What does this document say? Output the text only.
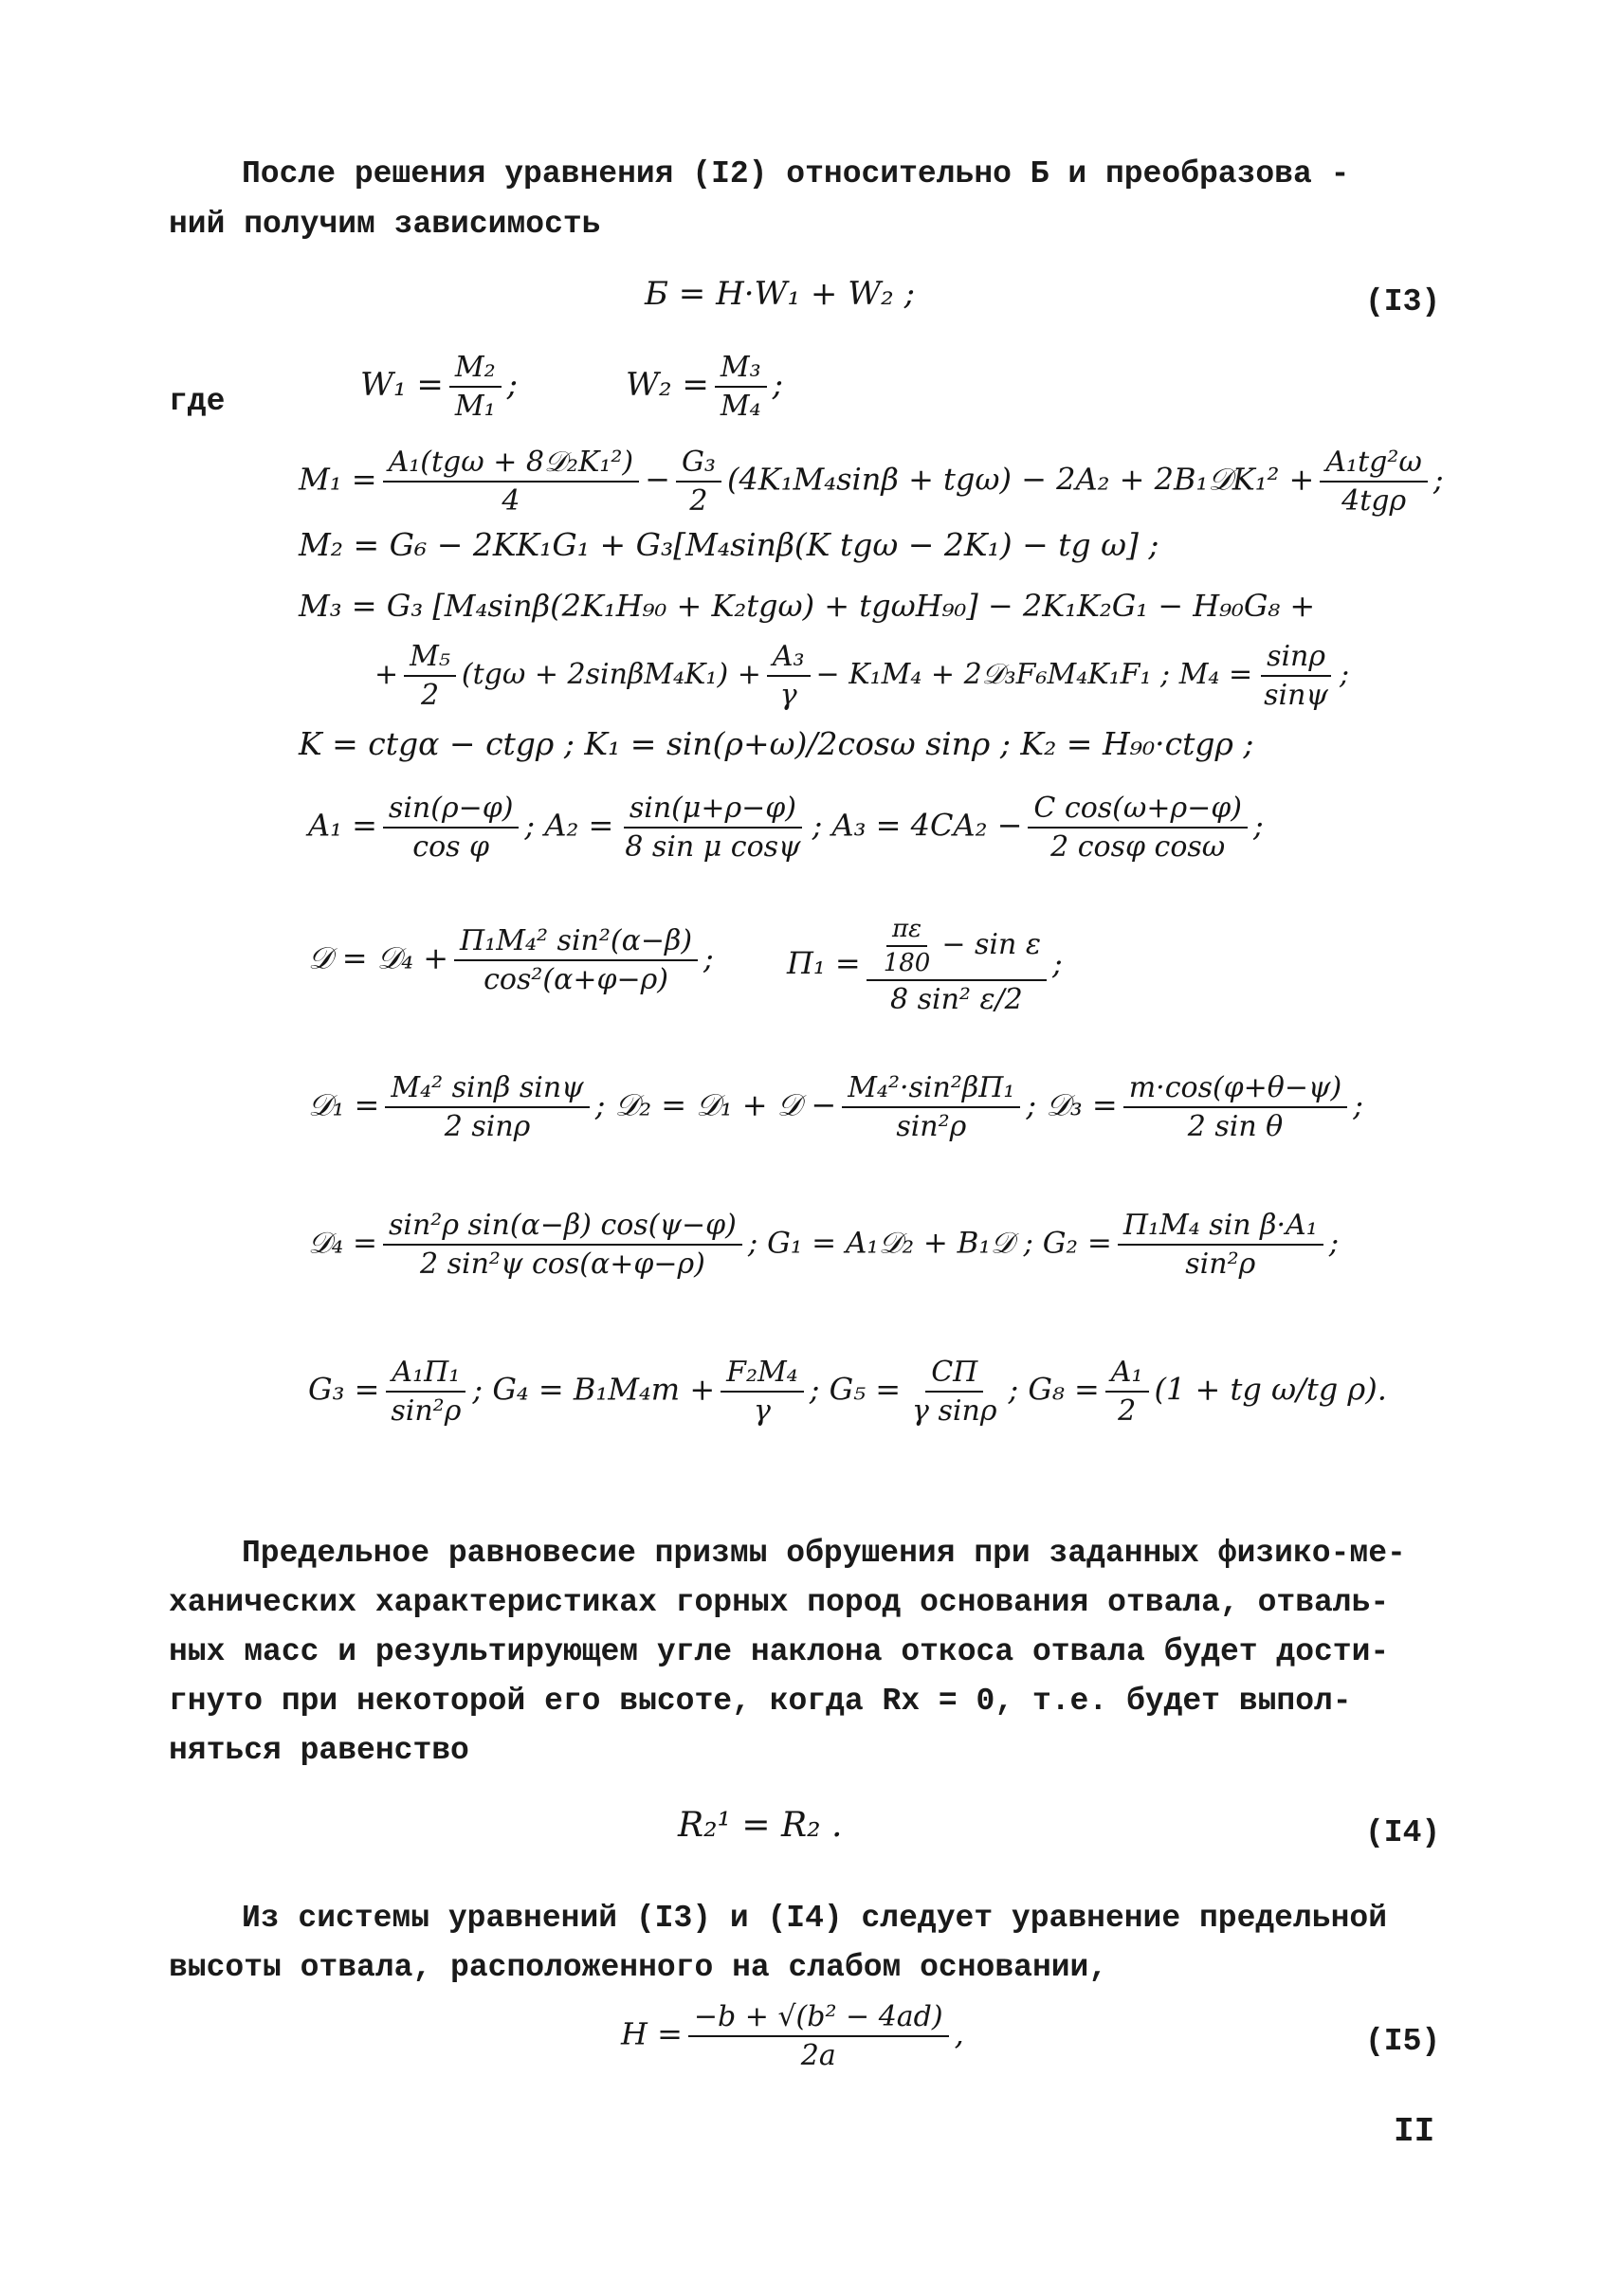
После решения уравнения (I2) относительно Б и преобразова -
ний получим зависимость
Б = H·W₁ + W₂ ;	(I3)
где	$W_1 = \frac{\text{M₂}}{\text{M₁}}$ ;	$W_2 = \frac{\text{M₃}}{\text{M₄}}$ ;
$M_1 = \frac{\text{A₁(tgω + 8𝒟₂K₁²)}}{4} - \frac{\text{G₃}}{2} (4K_1M_4\sin\beta + tg\omega) - 2A_2$ + 2B₁𝒟K₁² + $\frac{\text{A₁tg²ω}}{\text{4tgρ}}$ ;
M₂ = G₆ − 2KK₁G₁ + G₃[M₄sinβ(K tgω − 2K₁) − tg ω] ;
M₃ = G₃ [M₄sinβ(2K₁H₉₀ + K₂tgω) + tgωH₉₀] − 2K₁K₂G₁ − H₉₀G₈ +
+ $\frac{\text{M₅}}{2} (tg\omega + 2\sin\beta M_4K_1) + \frac{\text{A₃}}{\gamma} - K_1M_4$ + 2𝒟₃F₆M₄K₁F₁ ; $M_4 = \frac{\sin\rho}{\sin\psi}$ ;
K = ctgα − ctgρ ; K₁ = sin(ρ+ω)/2cosω sinρ ; K₂ = H₉₀·ctgρ ;
$A_1 = \frac{\sin(\rho-\varphi)}{\text{cos φ}}$ ; $A_2 = \frac{\sin(\mu+\rho-\varphi)}{\text{8 sin μ cosψ}}$ ; $A_3 = 4CA_2 - \frac{\text{C cos(ω+ρ−φ)}}{\text{2 cosφ cosω}}$ ;
𝒟 = 𝒟₄ + $\frac{\text{Π₁M₄² sin²(α−β)}}{\text{cos²(α+φ−ρ)}}$ ; $\Pi_1 = \frac{\frac{\pi\varepsilon}{180} - \sin \varepsilon}{\text{8 sin² ε/2}}$ ;
𝒟₁ = $\frac{\text{M₄² sinβ sinψ}}{2 \sin\rho}$ ; 𝒟₂ = 𝒟₁ + 𝒟 − $\frac{\text{M₄²·sin²βΠ₁}}{\text{sin²ρ}}$ ; 𝒟₃ = $\frac{m\cdot\cos(\varphi+\theta-\psi)}{\text{2 sin θ}}$ ;
𝒟₄ = $\frac{\text{sin²ρ sin(α−β) cos(ψ−φ)}}{\text{2 sin²ψ cos(α+φ−ρ)}}$ ; G₁ = A₁𝒟₂ + B₁𝒟 ; $G_2 = \frac{\text{Π₁M₄ sin β·A₁}}{\text{sin²ρ}}$ ;
$G_3 = \frac{\text{A₁Π₁}}{\text{sin²ρ}}$ ; $G_4 = B_1M_4m + \frac{\text{F₂M₄}}{\gamma}$ ; $G_5 = \frac{C\Pi}{\text{γ sinρ}}$ ; $G_8 = \frac{\text{A₁}}{2} (1$ + tg ω/tg ρ).
Предельное равновесие призмы обрушения при заданных физико-ме-
ханических характеристиках горных пород основания отвала, отваль-
ных масс и результирующем угле наклона откоса отвала будет дости-
гнуто при некоторой его высоте, когда Rx = 0, т.е. будет выпол-
няться равенство
R₂¹ = R₂ .	(I4)
Из системы уравнений (I3) и (I4) следует уравнение предельной
высоты отвала, расположенного на слабом основании,
$H = \frac{\text{−b + √(b² − 4ad)}}{2a}$ ,	(I5)
II
